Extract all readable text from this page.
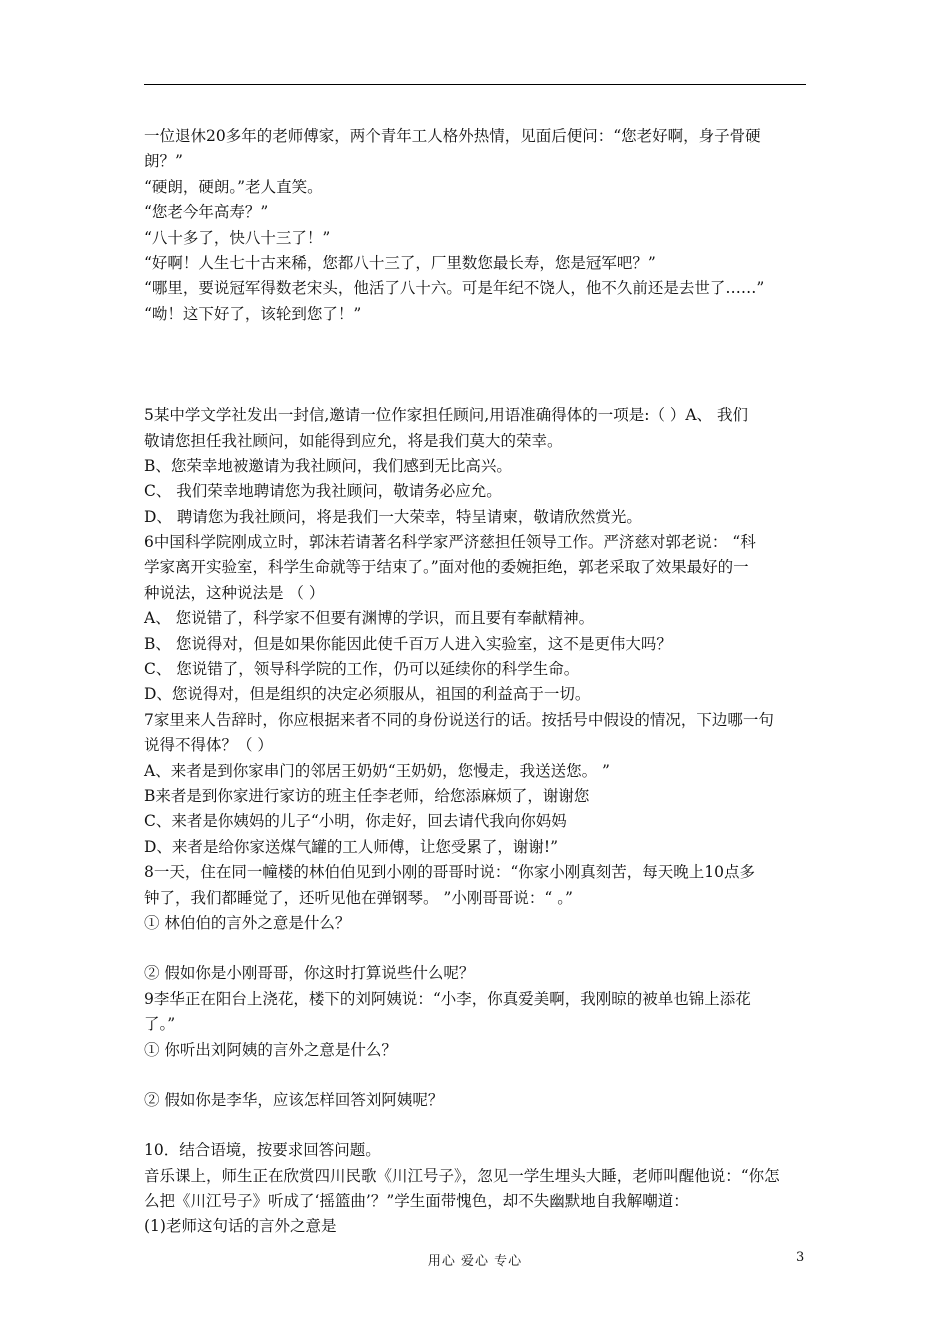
一位退休20多年的老师傅家，两个青年工人格外热情，见面后便问：“您老好啊，身子骨硬
朗？”
“硬朗，硬朗。”老人直笑。
“您老今年高寿？”
“八十多了，快八十三了！”
“好啊！人生七十古来稀，您都八十三了，厂里数您最长寿，您是冠军吧？”
“哪里，要说冠军得数老宋头，他活了八十六。可是年纪不饶人，他不久前还是去世了……”
“呦！这下好了，该轮到您了！”
5某中学文学社发出一封信,邀请一位作家担任顾问,用语准确得体的一项是:（ ）A、 我们
敬请您担任我社顾问，如能得到应允，将是我们莫大的荣幸。
B、您荣幸地被邀请为我社顾问，我们感到无比高兴。
C、 我们荣幸地聘请您为我社顾问，敬请务必应允。
D、 聘请您为我社顾问，将是我们一大荣幸，特呈请柬，敬请欣然赏光。
6中国科学院刚成立时，郭沫若请著名科学家严济慈担任领导工作。严济慈对郭老说： “科
学家离开实验室，科学生命就等于结束了。”面对他的委婉拒绝，郭老采取了效果最好的一
种说法，这种说法是 （ ）
A、 您说错了，科学家不但要有渊博的学识，而且要有奉献精神。
B、 您说得对，但是如果你能因此使千百万人进入实验室，这不是更伟大吗？
C、 您说错了，领导科学院的工作，仍可以延续你的科学生命。
D、您说得对，但是组织的决定必须服从，祖国的利益高于一切。
7家里来人告辞时，你应根据来者不同的身份说送行的话。按括号中假设的情况，下边哪一句
说得不得体？（ ）
A、来者是到你家串门的邻居王奶奶“王奶奶，您慢走，我送送您。 ”
B来者是到你家进行家访的班主任李老师，给您添麻烦了，谢谢您
C、来者是你姨妈的儿子“小明，你走好，回去请代我向你妈妈
D、来者是给你家送煤气罐的工人师傅，让您受累了，谢谢!”
8一天，住在同一幢楼的林伯伯见到小刚的哥哥时说：“你家小刚真刻苦，每天晚上10点多
钟了，我们都睡觉了，还听见他在弹钢琴。 ”小刚哥哥说：“ 。”
① 林伯伯的言外之意是什么？
② 假如你是小刚哥哥，你这时打算说些什么呢？
9李华正在阳台上浇花，楼下的刘阿姨说：“小李，你真爱美啊，我刚晾的被单也锦上添花
了。”
① 你听出刘阿姨的言外之意是什么？
② 假如你是李华，应该怎样回答刘阿姨呢？
10．结合语境，按要求回答问题。
音乐课上，师生正在欣赏四川民歌《川江号子》，忽见一学生埋头大睡，老师叫醒他说：“你怎
么把《川江号子》听成了‘摇篮曲’？”学生面带愧色，却不失幽默地自我解嘲道：
(1)老师这句话的言外之意是
用心 爱心 专心	3
